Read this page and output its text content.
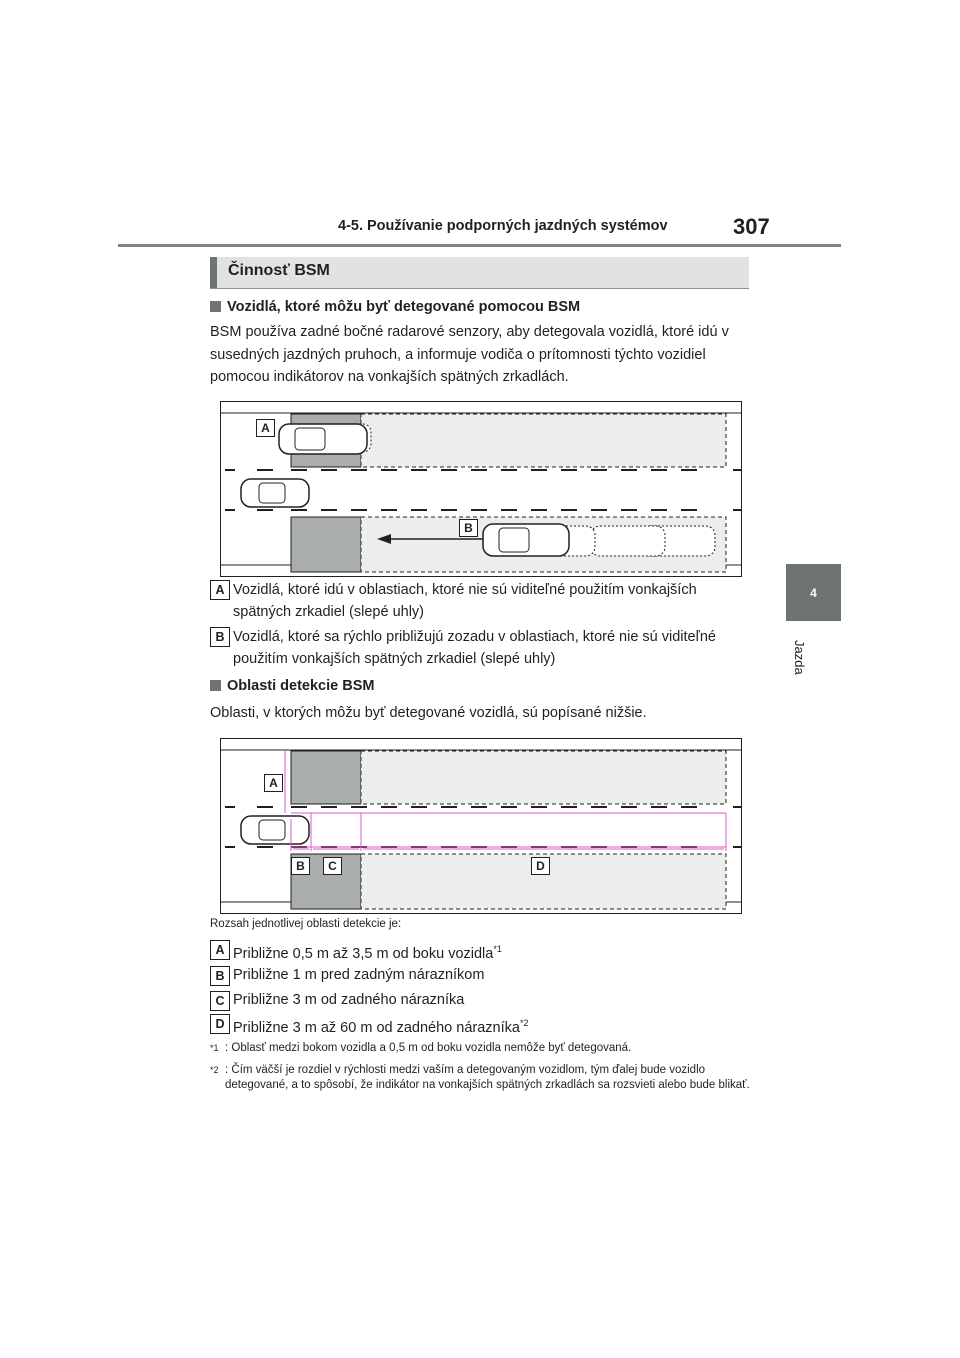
4-5. Používanie podporných jazdných systémov	307
4
Jazda
Činnosť BSM
Vozidlá, ktoré môžu byť detegované pomocou BSM
BSM používa zadné bočné radarové senzory, aby detegovala vozidlá, ktoré idú v susedných jazdných pruhoch, a informuje vodiča o prítomnosti týchto vozidiel pomocou indikátorov na vonkajších spätných zrkadlách.
A
B
A Vozidlá, ktoré idú v oblastiach, ktoré nie sú viditeľné použitím vonkajších spätných zrkadiel (slepé uhly)
B Vozidlá, ktoré sa rýchlo približujú zozadu v oblastiach, ktoré nie sú viditeľné použitím vonkajších spätných zrkadiel (slepé uhly)
Oblasti detekcie BSM
Oblasti, v ktorých môžu byť detegované vozidlá, sú popísané nižšie.
A
B	C	D
Rozsah jednotlivej oblasti detekcie je:
A Približne 0,5 m až 3,5 m od boku vozidla$^{*1}$
B Približne 1 m pred zadným nárazníkom
C Približne 3 m od zadného nárazníka
D Približne 3 m až 60 m od zadného nárazníka$^{*2}$
*1 : Oblasť medzi bokom vozidla a 0,5 m od boku vozidla nemôže byť detegovaná.
*2 : Čím väčší je rozdiel v rýchlosti medzi vaším a detegovaným vozidlom, tým ďalej bude vozidlo detegované, a to spôsobí, že indikátor na vonkajších spätných zrkadlách sa rozsvieti alebo bude blikať.
